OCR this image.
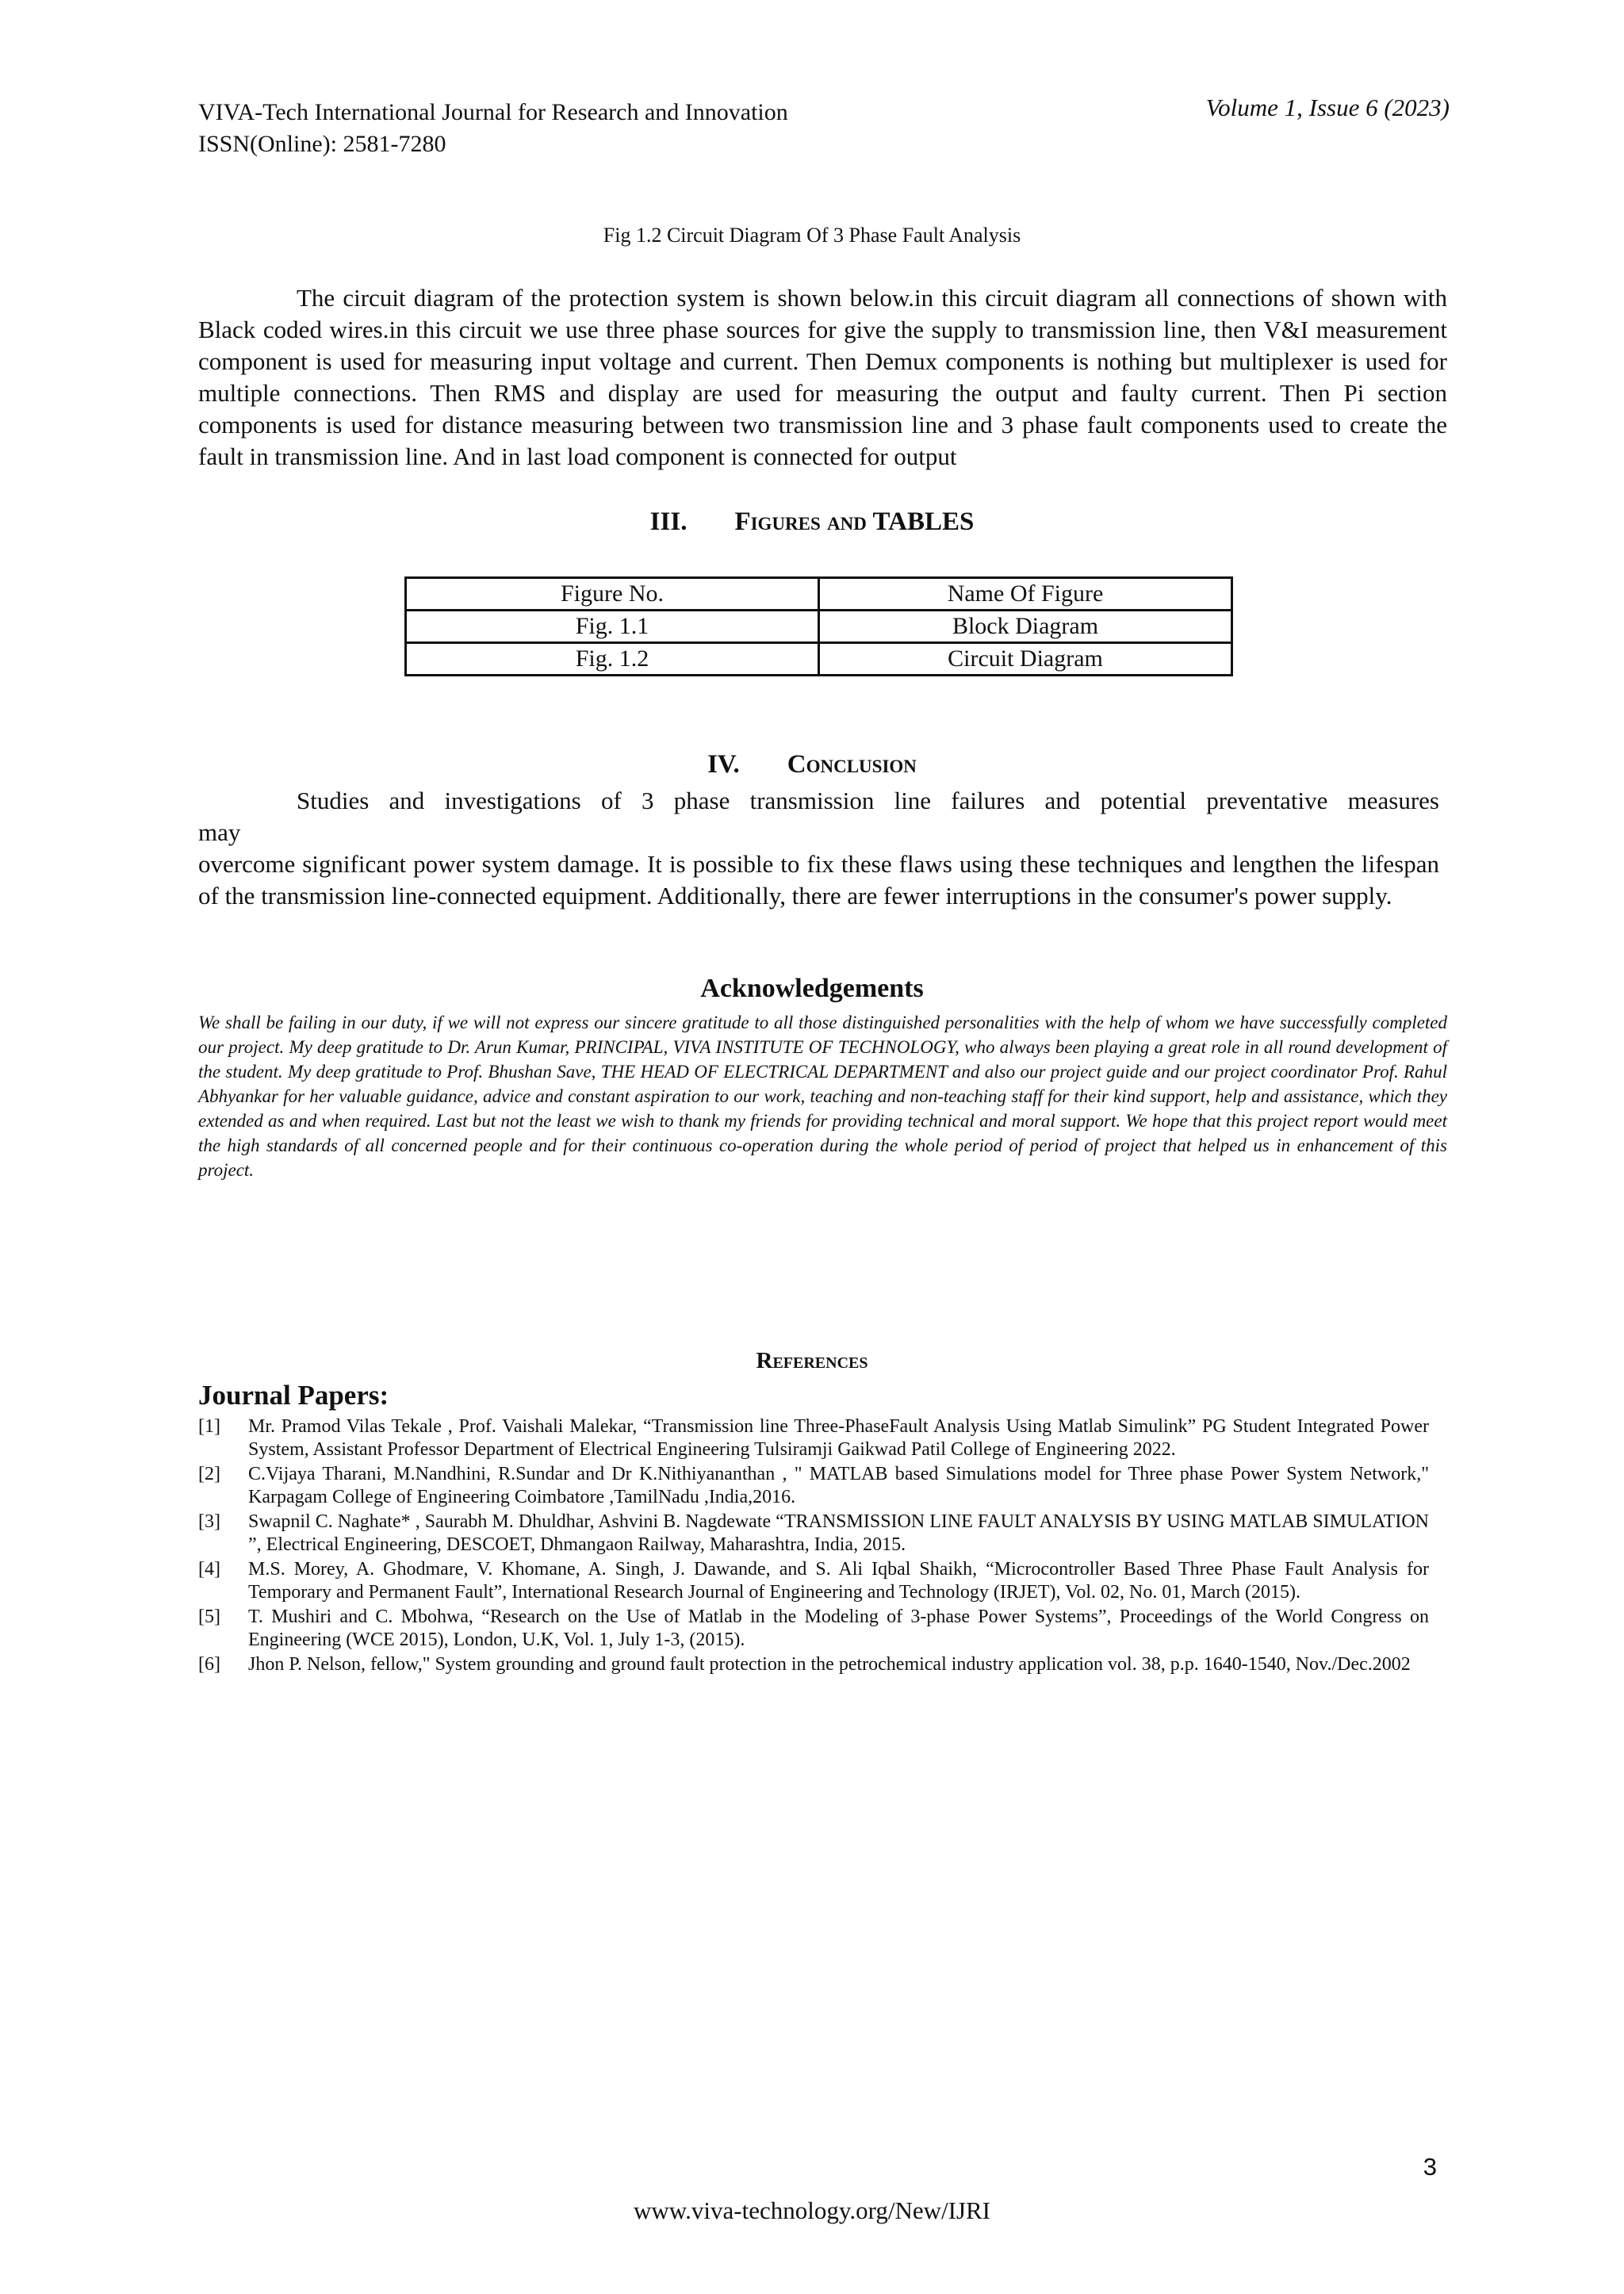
VIVA-Tech International Journal for Research and Innovation
ISSN(Online): 2581-7280
Volume 1, Issue 6 (2023)
Fig 1.2 Circuit Diagram Of 3 Phase Fault Analysis

The circuit diagram of the protection system is shown below.in this circuit diagram all connections of shown with Black coded wires.in this circuit we use three phase sources for give the supply to transmission line, then V&I measurement component is used for measuring input voltage and current. Then Demux components is nothing but multiplexer is used for multiple connections. Then RMS and display are used for measuring the output and faulty current. Then Pi section components is used for distance measuring between two transmission line and 3 phase fault components used to create the fault in transmission line. And in last load component is connected for output

III. Figures and TABLES
Figure No.	Name Of Figure
Fig. 1.1	Block Diagram
Fig. 1.2	Circuit Diagram
IV. Conclusion

Studies and investigations of 3 phase transmission line failures and potential preventative measures
may
overcome significant power system damage. It is possible to fix these flaws using these techniques and lengthen the lifespan of the transmission line-connected equipment. Additionally, there are fewer interruptions in the consumer's power supply.

Acknowledgements

We shall be failing in our duty, if we will not express our sincere gratitude to all those distinguished personalities with the help of whom we have successfully completed our project. My deep gratitude to Dr. Arun Kumar, PRINCIPAL, VIVA INSTITUTE OF TECHNOLOGY, who always been playing a great role in all round development of the student. My deep gratitude to Prof. Bhushan Save, THE HEAD OF ELECTRICAL DEPARTMENT and also our project guide and our project coordinator Prof. Rahul Abhyankar for her valuable guidance, advice and constant aspiration to our work, teaching and non-teaching staff for their kind support, help and assistance, which they extended as and when required. Last but not the least we wish to thank my friends for providing technical and moral support. We hope that this project report would meet the high standards of all concerned people and for their continuous co-operation during the whole period of period of project that helped us in enhancement of this project.

References
Journal Papers:
[1] Mr. Pramod Vilas Tekale , Prof. Vaishali Malekar, “Transmission line Three-PhaseFault Analysis Using Matlab Simulink” PG Student Integrated Power System, Assistant Professor Department of Electrical Engineering Tulsiramji Gaikwad Patil College of Engineering 2022.
[2] C.Vijaya Tharani, M.Nandhini, R.Sundar and Dr K.Nithiyananthan , " MATLAB based Simulations model for Three phase Power System Network," Karpagam College of Engineering Coimbatore ,TamilNadu ,India,2016.
[3] Swapnil C. Naghate* , Saurabh M. Dhuldhar, Ashvini B. Nagdewate “TRANSMISSION LINE FAULT ANALYSIS BY USING MATLAB SIMULATION ”, Electrical Engineering, DESCOET, Dhmangaon Railway, Maharashtra, India, 2015.
[4] M.S. Morey, A. Ghodmare, V. Khomane, A. Singh, J. Dawande, and S. Ali Iqbal Shaikh, “Microcontroller Based Three Phase Fault Analysis for Temporary and Permanent Fault”, International Research Journal of Engineering and Technology (IRJET), Vol. 02, No. 01, March (2015).
[5] T. Mushiri and C. Mbohwa, “Research on the Use of Matlab in the Modeling of 3-phase Power Systems”, Proceedings of the World Congress on Engineering (WCE 2015), London, U.K, Vol. 1, July 1-3, (2015).
[6] Jhon P. Nelson, fellow," System grounding and ground fault protection in the petrochemical industry application vol. 38, p.p. 1640-1540, Nov./Dec.2002
3
www.viva-technology.org/New/IJRI
